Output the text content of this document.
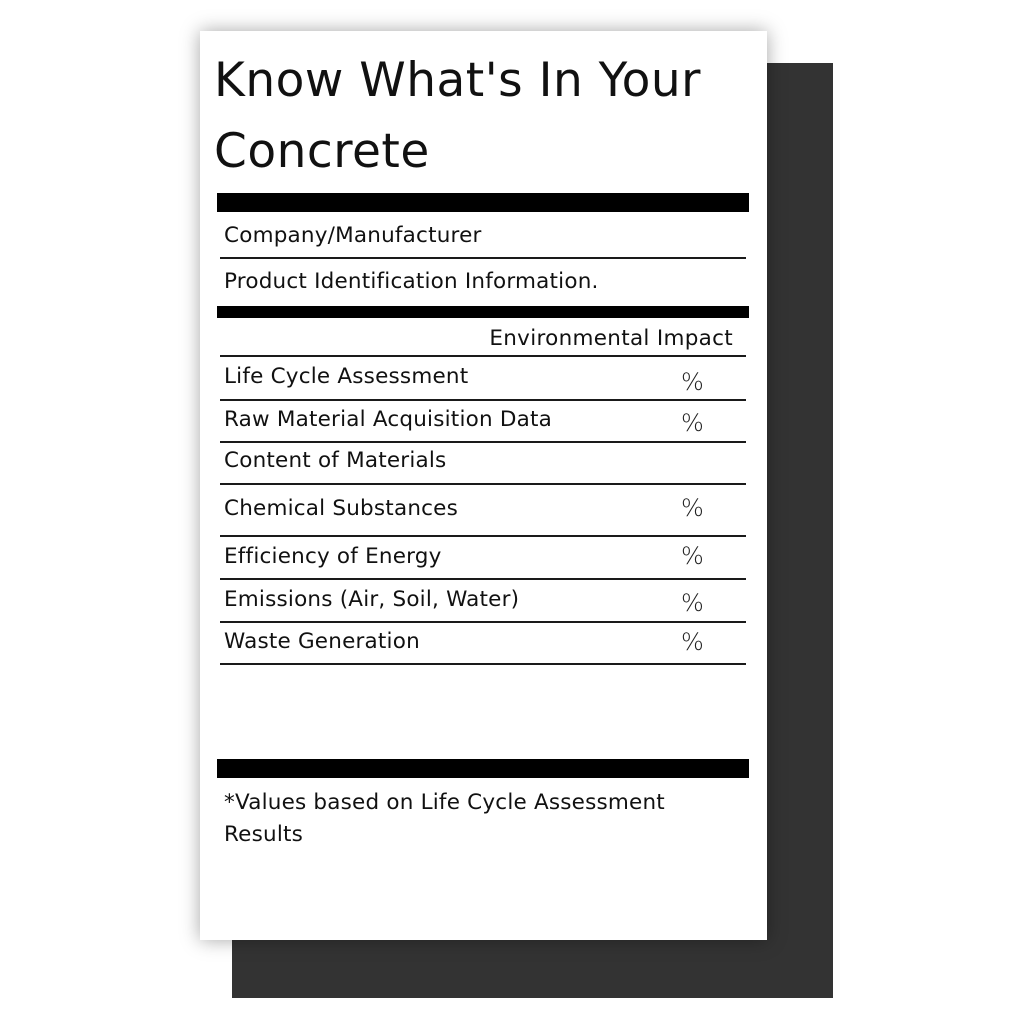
Know What's In Your Concrete
Company/Manufacturer
Product Identification Information.
Environmental Impact
Life Cycle Assessment	%
Raw Material Acquisition Data	%
Content of Materials
Chemical Substances	%
Efficiency of Energy	%
Emissions (Air, Soil, Water)	%
Waste Generation	%
*Values based on Life Cycle Assessment Results
